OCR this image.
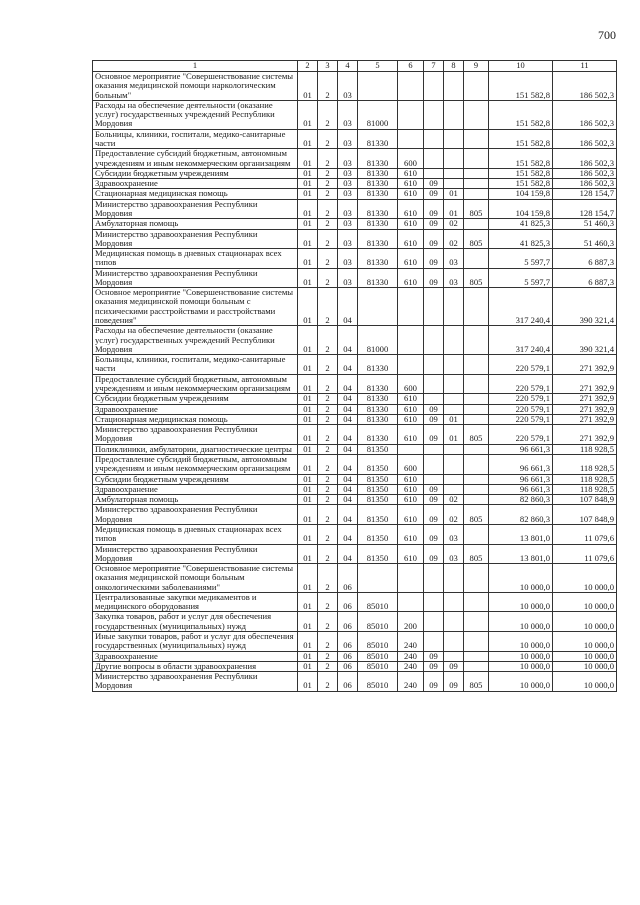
700
1	2	3	4	5	6	7	8	9	10	11
Основное мероприятие "Совершенствование системы оказания медицинской помощи наркологическим больным"	01	2	03						151 582,8	186 502,3
Расходы на обеспечение деятельности (оказание услуг) государственных учреждений Республики Мордовия	01	2	03	81000					151 582,8	186 502,3
Больницы, клиники, госпитали, медико-санитарные части	01	2	03	81330					151 582,8	186 502,3
Предоставление субсидий бюджетным, автономным учреждениям и иным некоммерческим организациям	01	2	03	81330	600				151 582,8	186 502,3
Субсидии бюджетным учреждениям	01	2	03	81330	610				151 582,8	186 502,3
Здравоохранение	01	2	03	81330	610	09			151 582,8	186 502,3
Стационарная медицинская помощь	01	2	03	81330	610	09	01		104 159,8	128 154,7
Министерство здравоохранения Республики Мордовия	01	2	03	81330	610	09	01	805	104 159,8	128 154,7
Амбулаторная помощь	01	2	03	81330	610	09	02		41 825,3	51 460,3
Министерство здравоохранения Республики Мордовия	01	2	03	81330	610	09	02	805	41 825,3	51 460,3
Медицинская помощь в дневных стационарах всех типов	01	2	03	81330	610	09	03		5 597,7	6 887,3
Министерство здравоохранения Республики Мордовия	01	2	03	81330	610	09	03	805	5 597,7	6 887,3
Основное мероприятие "Совершенствование системы оказания медицинской помощи больным с психическими расстройствами и расстройствами поведения"	01	2	04						317 240,4	390 321,4
Расходы на обеспечение деятельности (оказание услуг) государственных учреждений Республики Мордовия	01	2	04	81000					317 240,4	390 321,4
Больницы, клиники, госпитали, медико-санитарные части	01	2	04	81330					220 579,1	271 392,9
Предоставление субсидий бюджетным, автономным учреждениям и иным некоммерческим организациям	01	2	04	81330	600				220 579,1	271 392,9
Субсидии бюджетным учреждениям	01	2	04	81330	610				220 579,1	271 392,9
Здравоохранение	01	2	04	81330	610	09			220 579,1	271 392,9
Стационарная медицинская помощь	01	2	04	81330	610	09	01		220 579,1	271 392,9
Министерство здравоохранения Республики Мордовия	01	2	04	81330	610	09	01	805	220 579,1	271 392,9
Поликлиники, амбулатории, диагностические центры	01	2	04	81350					96 661,3	118 928,5
Предоставление субсидий бюджетным, автономным учреждениям и иным некоммерческим организациям	01	2	04	81350	600				96 661,3	118 928,5
Субсидии бюджетным учреждениям	01	2	04	81350	610				96 661,3	118 928,5
Здравоохранение	01	2	04	81350	610	09			96 661,3	118 928,5
Амбулаторная помощь	01	2	04	81350	610	09	02		82 860,3	107 848,9
Министерство здравоохранения Республики Мордовия	01	2	04	81350	610	09	02	805	82 860,3	107 848,9
Медицинская помощь в дневных стационарах всех типов	01	2	04	81350	610	09	03		13 801,0	11 079,6
Министерство здравоохранения Республики Мордовия	01	2	04	81350	610	09	03	805	13 801,0	11 079,6
Основное мероприятие "Совершенствование системы оказания медицинской помощи больным онкологическими заболеваниями"	01	2	06						10 000,0	10 000,0
Централизованные закупки медикаментов и медицинского оборудования	01	2	06	85010					10 000,0	10 000,0
Закупка товаров, работ и услуг для обеспечения государственных (муниципальных) нужд	01	2	06	85010	200				10 000,0	10 000,0
Иные закупки товаров, работ и услуг для обеспечения государственных (муниципальных) нужд	01	2	06	85010	240				10 000,0	10 000,0
Здравоохранение	01	2	06	85010	240	09			10 000,0	10 000,0
Другие вопросы в области здравоохранения	01	2	06	85010	240	09	09		10 000,0	10 000,0
Министерство здравоохранения Республики Мордовия	01	2	06	85010	240	09	09	805	10 000,0	10 000,0
